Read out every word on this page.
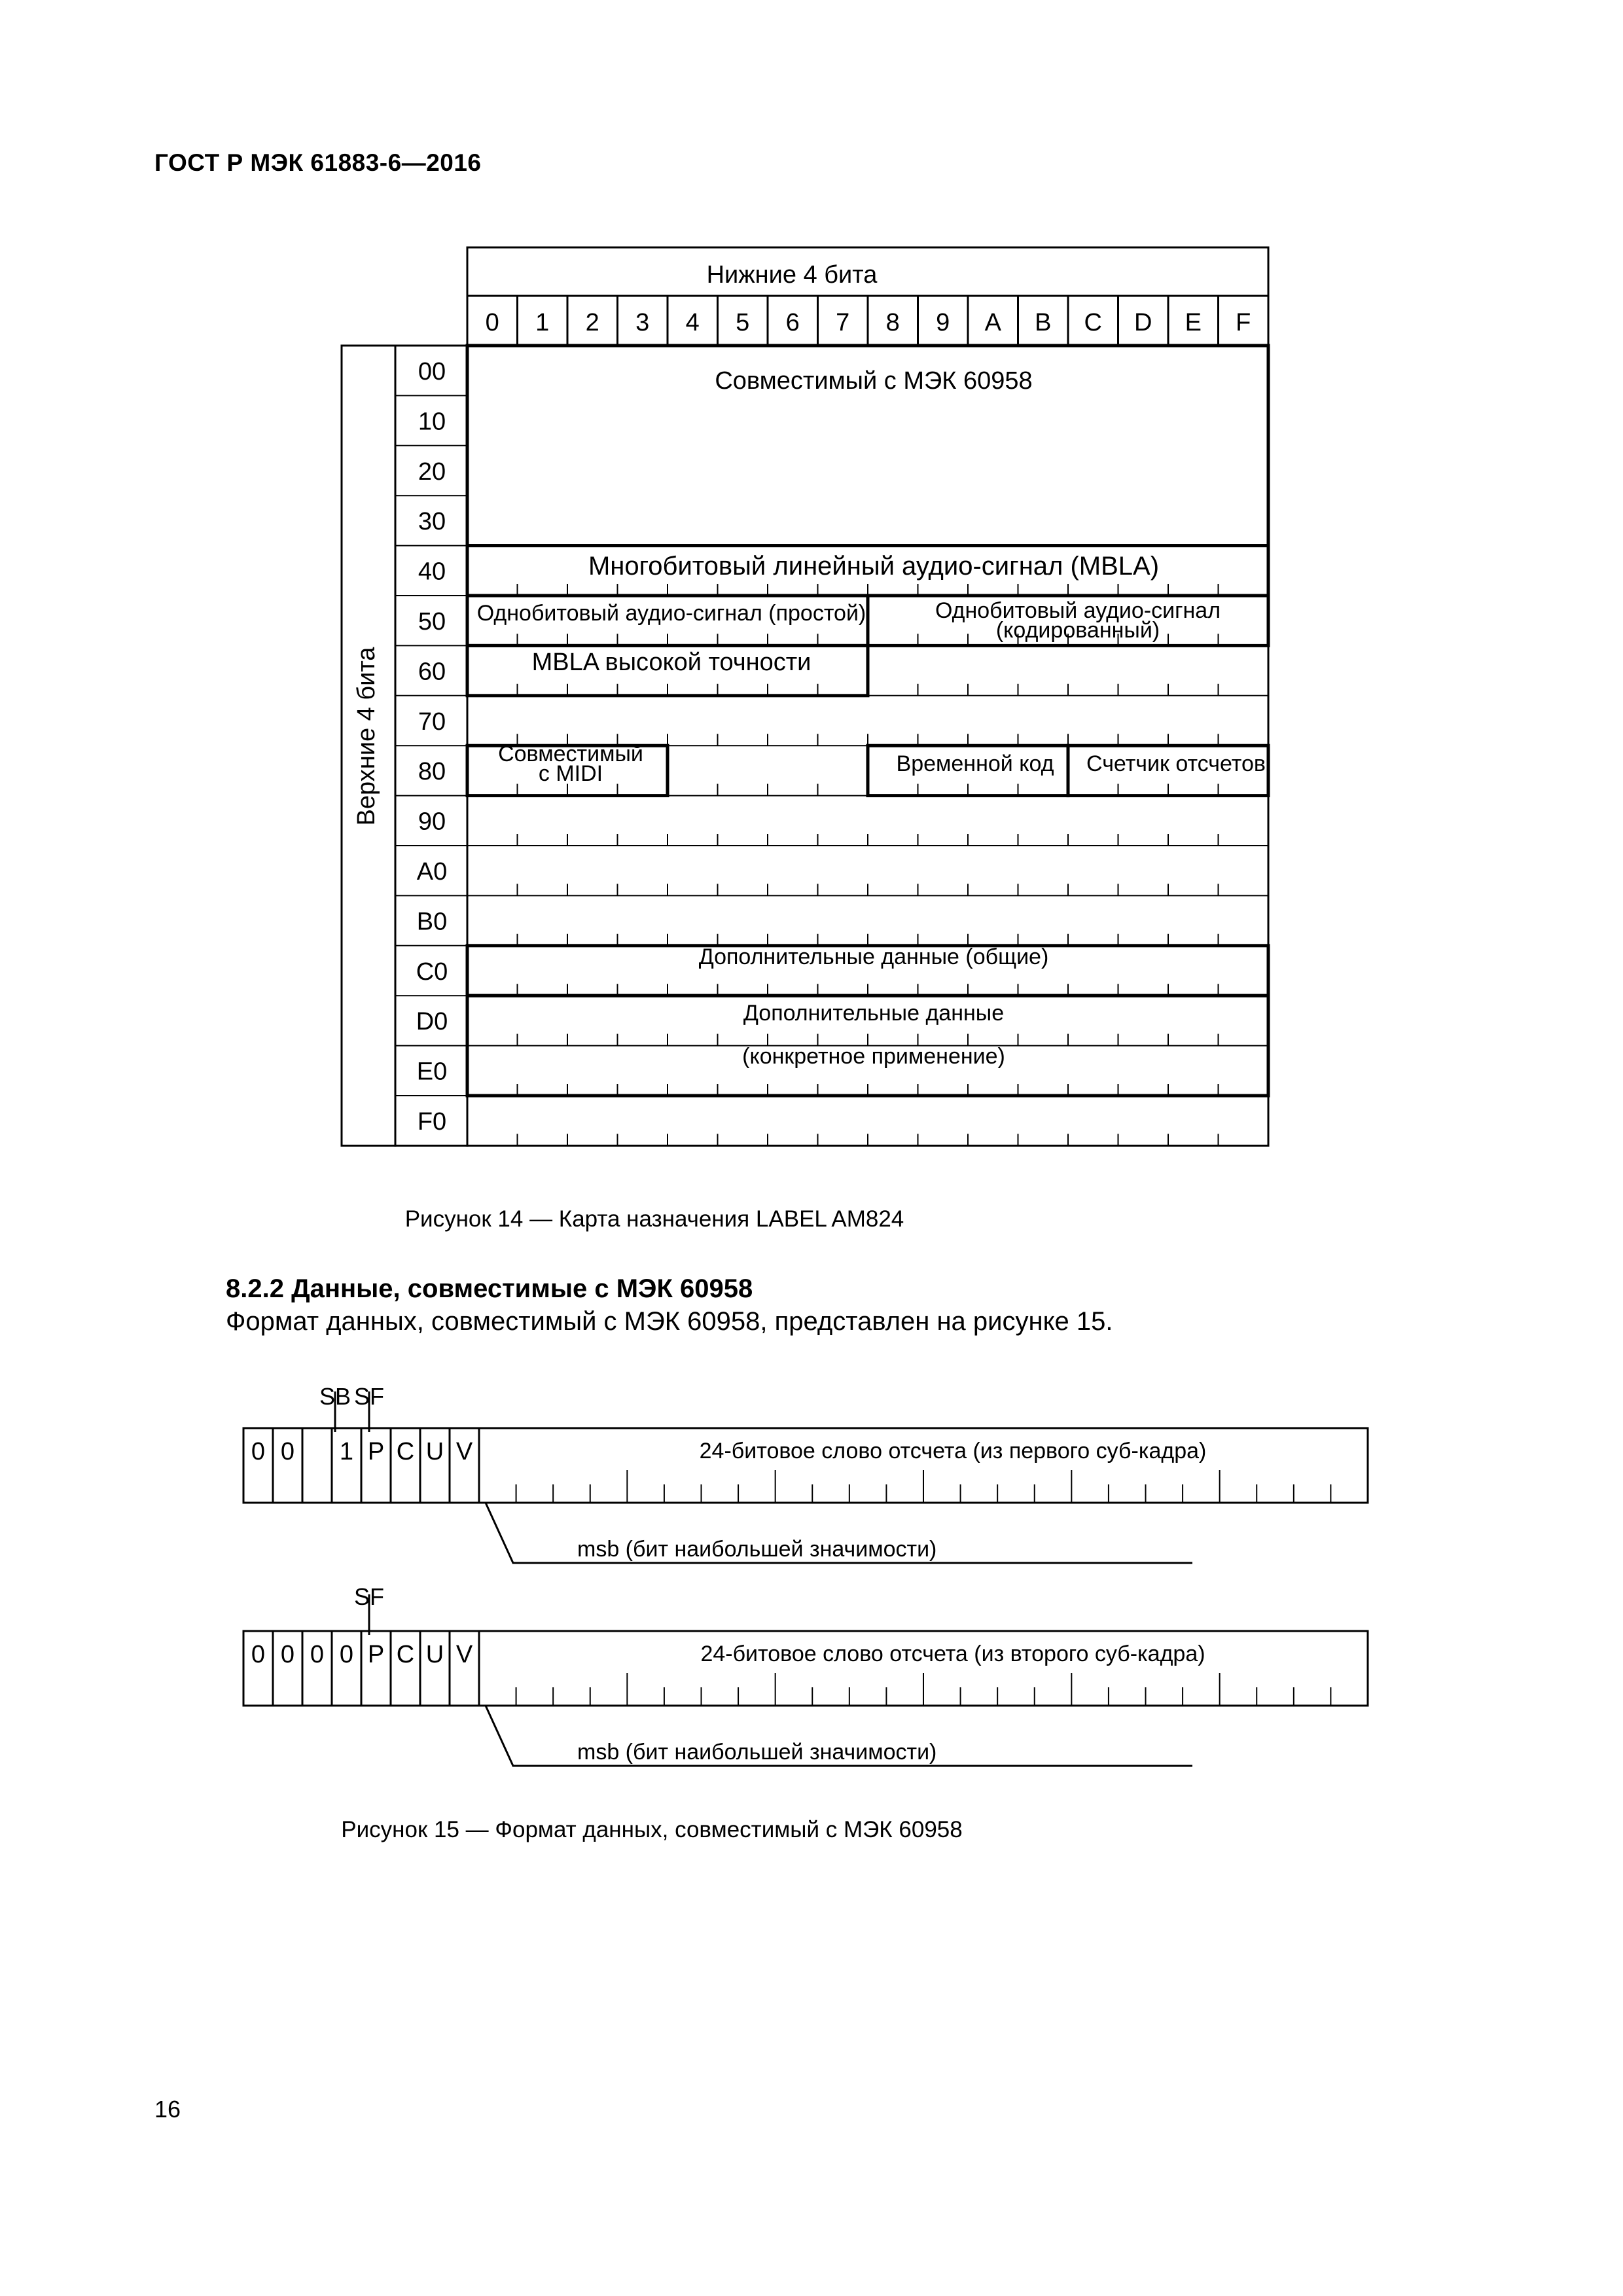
ГОСТ Р МЭК 61883-6—2016
0 1 2 3 4 5 6 7 8 9 A B C D E F
00
10
20
30
40
50
60
70
80
90
A0
B0
C0
D0
E0
F0
Нижние 4 бита
Верхние 4 бита
Совместимый с МЭК 60958
Многобитовый линейный аудио-сигнал (MBLA)
Однобитовый аудио-сигнал (простой)	Однобитовый аудио-сигнал
(кодированный)
MBLA высокой точности
Совместимый
с MIDI	Временной код Счетчик отсчетов
Дополнительные данные (общие)
Дополнительные данные
(конкретное применение)
Рисунок 14 — Карта назначения LABEL AM824
8.2.2 Данные, совместимые с МЭК 60958
Формат данных, совместимый с МЭК 60958, представлен на рисунке 15.
0 0 1 P C U V
0 0 0 0 P C U V
SB SF
24-битовое слово отсчета (из первого суб-кадра)
msb (бит наибольшей значимости)
SF
24-битовое слово отсчета (из второго суб-кадра)
msb (бит наибольшей значимости)
Рисунок 15 — Формат данных, совместимый с МЭК 60958
16
